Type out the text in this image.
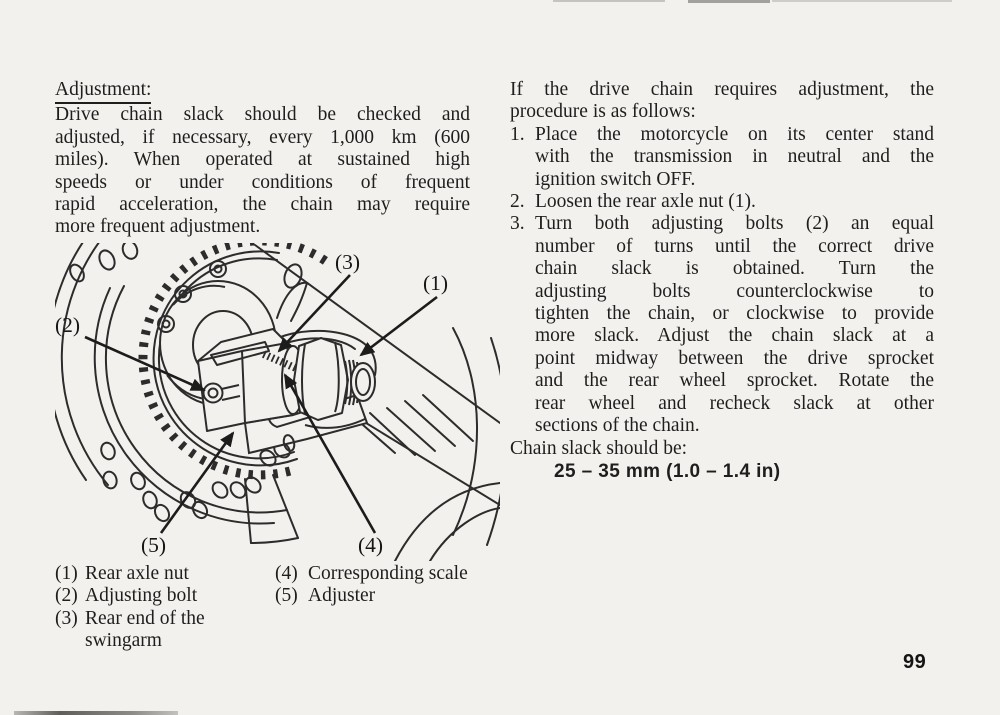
Adjustment:
Drive chain slack should be checked and
adjusted, if necessary, every 1,000 km (600
miles). When operated at sustained high
speeds or under conditions of frequent
rapid acceleration, the chain may require
more frequent adjustment.
If the drive chain requires adjustment, the
procedure is as follows:
1. Place the motorcycle on its center stand
with the transmission in neutral and the
ignition switch OFF.
2. Loosen the rear axle nut (1).
3. Turn both adjusting bolts (2) an equal
number of turns until the correct drive
chain slack is obtained. Turn the
adjusting bolts counterclockwise to
tighten the chain, or clockwise to provide
more slack. Adjust the chain slack at a
point midway between the drive sprocket
and the rear wheel sprocket. Rotate the
rear wheel and recheck slack at other
sections of the chain.
Chain slack should be:
25 – 35 mm (1.0 – 1.4 in)
(3)
(1)
(2)
(5)	(4)
(1) Rear axle nut
(2) Adjusting bolt
(3) Rear end of the swingarm
(4) Corresponding scale
(5) Adjuster
99
